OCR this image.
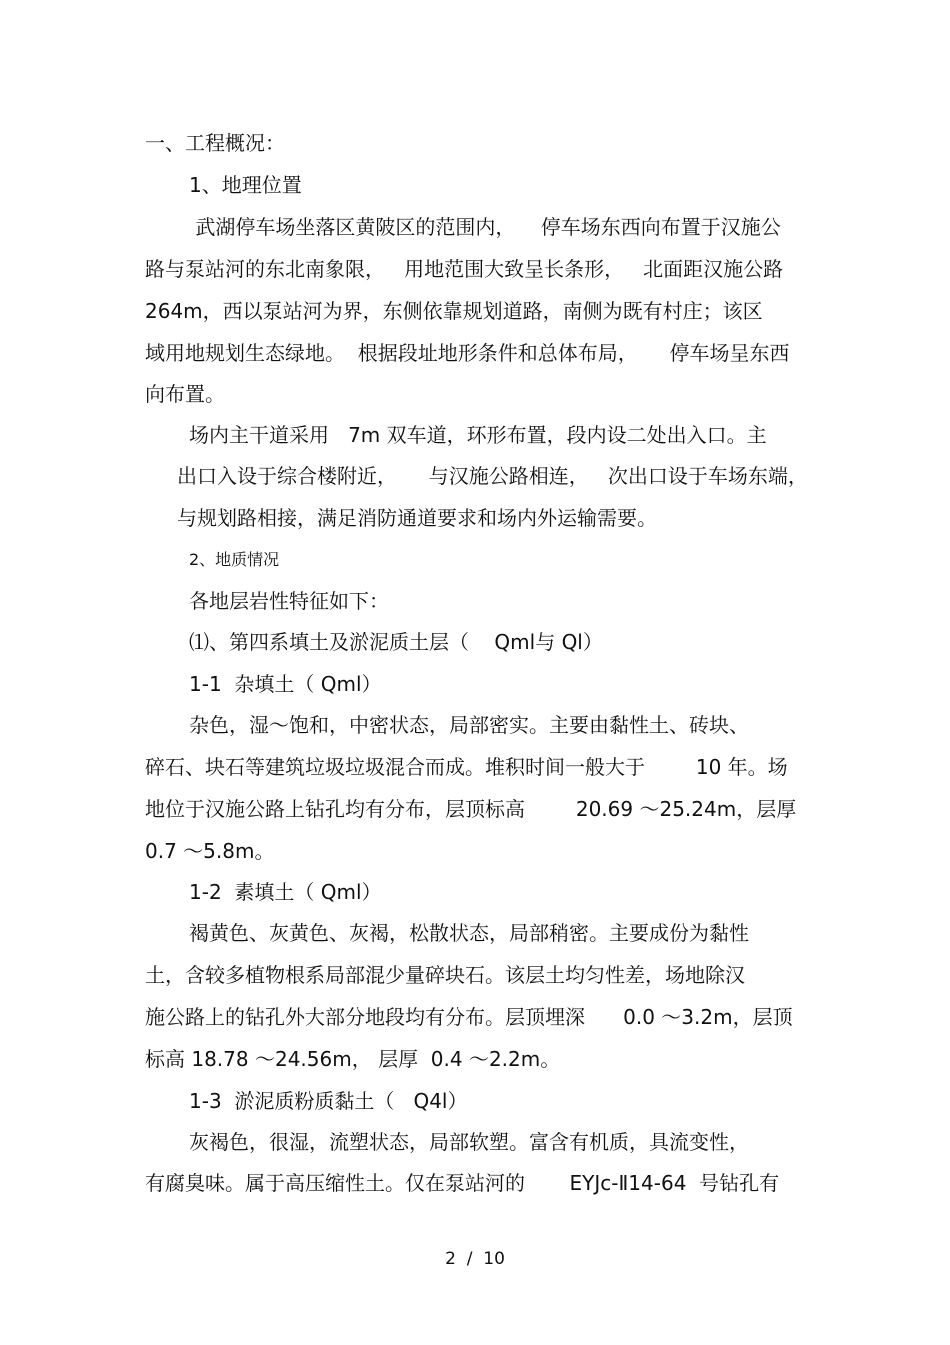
一、工程概况：
1、地理位置
武湖停车场坐落区黄陂区的范围内，    停车场东西向布置于汉施公
路与泵站河的东北南象限，   用地范围大致呈长条形，   北面距汉施公路
264m，西以泵站河为界，东侧依靠规划道路，南侧为既有村庄；该区
域用地规划生态绿地。  根据段址地形条件和总体布局，     停车场呈东西
向布置。
场内主干道采用   7m 双车道，环形布置，段内设二处出入口。主
出口入设于综合楼附近，     与汉施公路相连，   次出口设于车场东端，
与规划路相接，满足消防通道要求和场内外运输需要。
2、地质情况
各地层岩性特征如下：
⑴、第四系填土及淤泥质土层（    Qml与 Ql）
1-1  杂填土（ Qml）
杂色，湿～饱和，中密状态，局部密实。主要由黏性土、砖块、
碎石、块石等建筑垃圾垃圾混合而成。堆积时间一般大于        10 年。场
地位于汉施公路上钻孔均有分布，层顶标高        20.69 ～25.24m，层厚
0.7 ～5.8m。
1-2  素填土（ Qml）
褐黄色、灰黄色、灰褐，松散状态，局部稍密。主要成份为黏性
土，含较多植物根系局部混少量碎块石。该层土均匀性差，场地除汉
施公路上的钻孔外大部分地段均有分布。层顶埋深      0.0 ～3.2m，层顶
标高 18.78 ～24.56m， 层厚  0.4 ～2.2m。
1-3  淤泥质粉质黏土（   Q4l）
灰褐色，很湿，流塑状态，局部软塑。富含有机质，具流变性，
有腐臭味。属于高压缩性土。仅在泵站河的       EYJc-Ⅱ14-64  号钻孔有
2  /  10
